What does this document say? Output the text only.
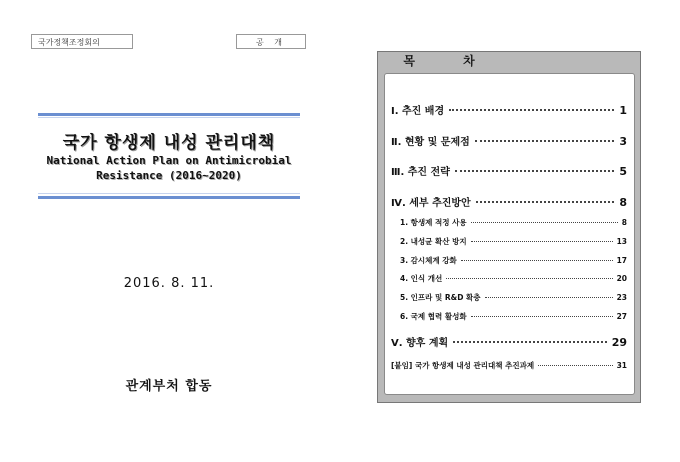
국가정책조정회의	공 개
국가 항생제 내성 관리대책
National Action Plan on Antimicrobial
Resistance (2016~2020)
2016. 8. 11.
관계부처 합동
목 차
Ⅰ. 추진 배경	1
Ⅱ. 현황 및 문제점	3
Ⅲ. 추진 전략	5
Ⅳ. 세부 추진방안	8
1. 항생제 적정 사용	8
2. 내성균 확산 방지	13
3. 감시체계 강화	17
4. 인식 개선	20
5. 인프라 및 R&D 확충	23
6. 국제 협력 활성화	27
Ⅴ. 향후 계획	29
[붙임] 국가 항생제 내성 관리대책 추진과제	31
